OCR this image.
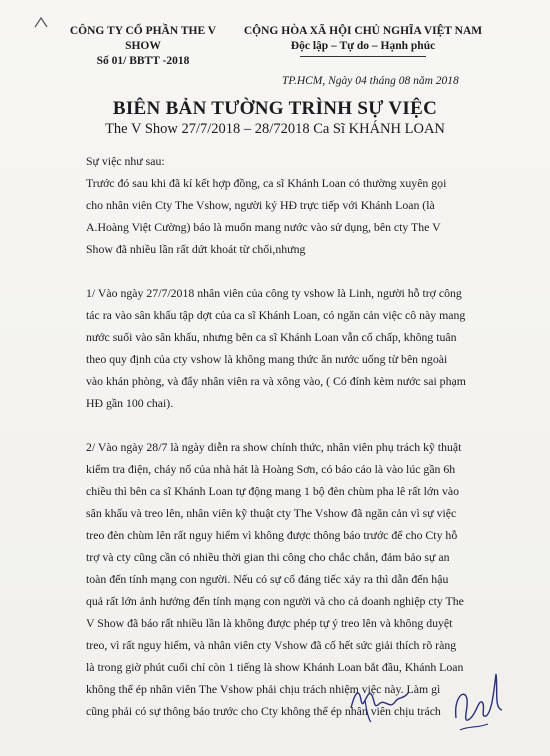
CÔNG TY CỔ PHẦN THE V SHOW
Số 01/ BBTT -2018
CỘNG HÒA XÃ HỘI CHỦ NGHĨA VIỆT NAM
Độc lập – Tự do – Hạnh phúc
TP.HCM, Ngày 04 tháng 08 năm 2018
BIÊN BẢN TƯỜNG TRÌNH SỰ VIỆC
The V Show 27/7/2018 – 28/72018 Ca Sĩ KHÁNH LOAN

Sự việc như sau:

Trước đó sau khi đã kí kết hợp đồng, ca sĩ Khánh Loan có thường xuyên gọi

cho nhân viên Cty The Vshow, người ký HĐ trực tiếp với Khánh Loan (là

A.Hoàng Việt Cường) báo là muốn mang nước vào sử dụng, bên cty The V

Show đã nhiều lần rất dứt khoát từ chối,nhưng

1/ Vào ngày 27/7/2018 nhân viên của công ty vshow là Linh, người hỗ trợ công

tác ra vào sân khấu tập dợt của ca sĩ Khánh Loan, có ngăn cản việc cô này mang

nước suối vào sân khấu, nhưng bên ca sĩ Khánh Loan vẫn cố chấp, không tuân

theo quy định của cty vshow là không mang thức ăn nước uống từ bên ngoài

vào khán phòng, và đẩy nhân viên ra và xông vào, ( Có đính kèm nước sai phạm

HĐ gần 100 chai).

2/ Vào ngày 28/7 là ngày diễn ra show chính thức, nhân viên phụ trách kỹ thuật

kiểm tra điện, cháy nổ của nhà hát là Hoàng Sơn, có báo cáo là vào lúc gần 6h

chiều thì bên ca sĩ Khánh Loan tự động mang 1 bộ đèn chùm pha lê rất lớn vào

sân khấu và treo lên, nhân viên kỹ thuật cty The Vshow đã ngăn cản vì sự việc

treo đèn chùm lên rất nguy hiểm vì không được thông báo trước để cho Cty hỗ

trợ và cty cũng cần có nhiều thời gian thi công cho chắc chắn, đảm bảo sự an

toàn đến tính mạng con người. Nếu có sự cố đáng tiếc xảy ra thì dẫn đến hậu

quả rất lớn ảnh hưởng đến tính mạng con người và cho cả doanh nghiệp cty The

V Show đã báo rất nhiều lần là không được phép tự ý treo lên và không duyệt

treo, vì rất nguy hiểm, và nhân viên cty Vshow đã cố hết sức giải thích rõ ràng

là trong giờ phút cuối chỉ còn 1 tiếng là show Khánh Loan bắt đầu, Khánh Loan

không thể ép nhân viên The Vshow phải chịu trách nhiệm việc này. Làm gì

cũng phải có sự thông báo trước cho Cty không thể ép nhân viên chịu trách
